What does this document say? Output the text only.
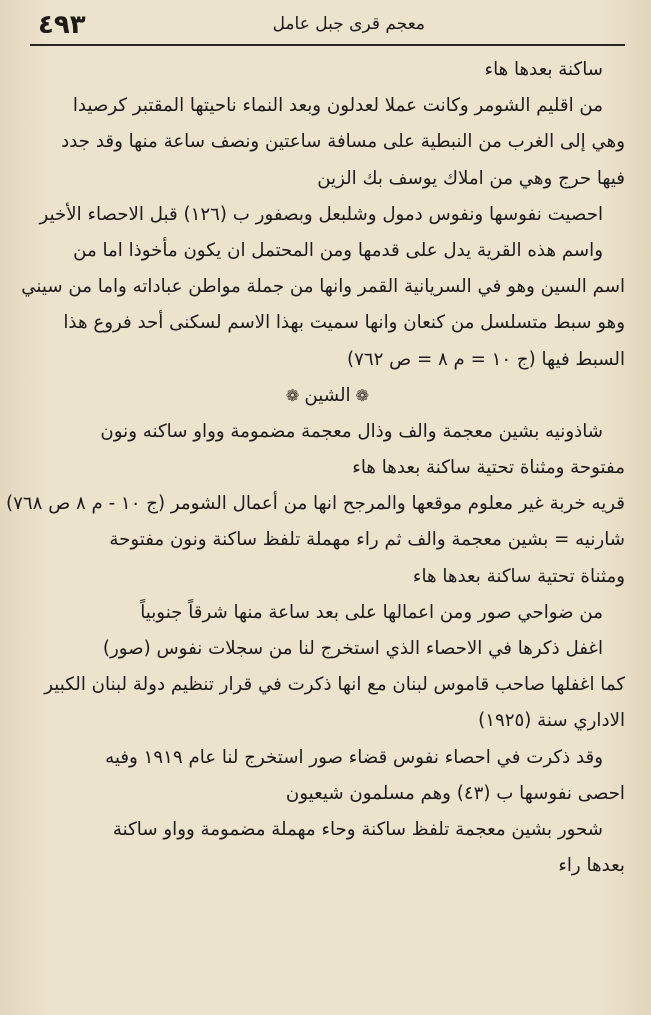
٤٩٣	معجم قرى جبل عامل
ساكنة بعدها هاء
من اقليم الشومر وكانت عملا لعدلون وبعد النماء ناحيتها المقتبر كرصيدا
وهي إلى الغرب من النبطية على مسافة ساعتين ونصف ساعة منها وقد جدد
فيها حرج وهي من املاك يوسف بك الزين
احصيت نفوسها ونفوس دمول وشلبعل وبصفور ب (١٢٦) قبل الاحصاء الأخير
واسم هذه القرية يدل على قدمها ومن المحتمل ان يكون مأخوذا اما من
اسم السين وهو في السريانية القمر وانها من جملة مواطن عباداته واما من سيني
وهو سبط متسلسل من كنعان وانها سميت بهذا الاسم لسكنى أحد فروع هذا
السبط فيها (ج ١٠ = م ٨ = ص ٧٦٢)
❁ الشين ❁
شاذونيه بشين معجمة والف وذال معجمة مضمومة وواو ساكنه ونون
مفتوحة ومثناة تحتية ساكنة بعدها هاء
قريه خربة غير معلوم موقعها والمرجح انها من أعمال الشومر (ج ١٠ - م ٨ ص ٧٦٨)
شارنيه = بشين معجمة والف ثم راء مهملة تلفظ ساكنة ونون مفتوحة
ومثناة تحتية ساكنة بعدها هاء
من ضواحي صور ومن اعمالها على بعد ساعة منها شرقاً جنوبياً
اغفل ذكرها في الاحصاء الذي استخرج لنا من سجلات نفوس (صور)
كما اغفلها صاحب قاموس لبنان مع انها ذكرت في قرار تنظيم دولة لبنان الكبير
الاداري سنة (١٩٢٥)
وقد ذكرت في احصاء نفوس قضاء صور استخرج لنا عام ١٩١٩ وفيه
احصى نفوسها ب (٤٣) وهم مسلمون شيعيون
شحور بشين معجمة تلفظ ساكنة وحاء مهملة مضمومة وواو ساكنة
بعدها راء
